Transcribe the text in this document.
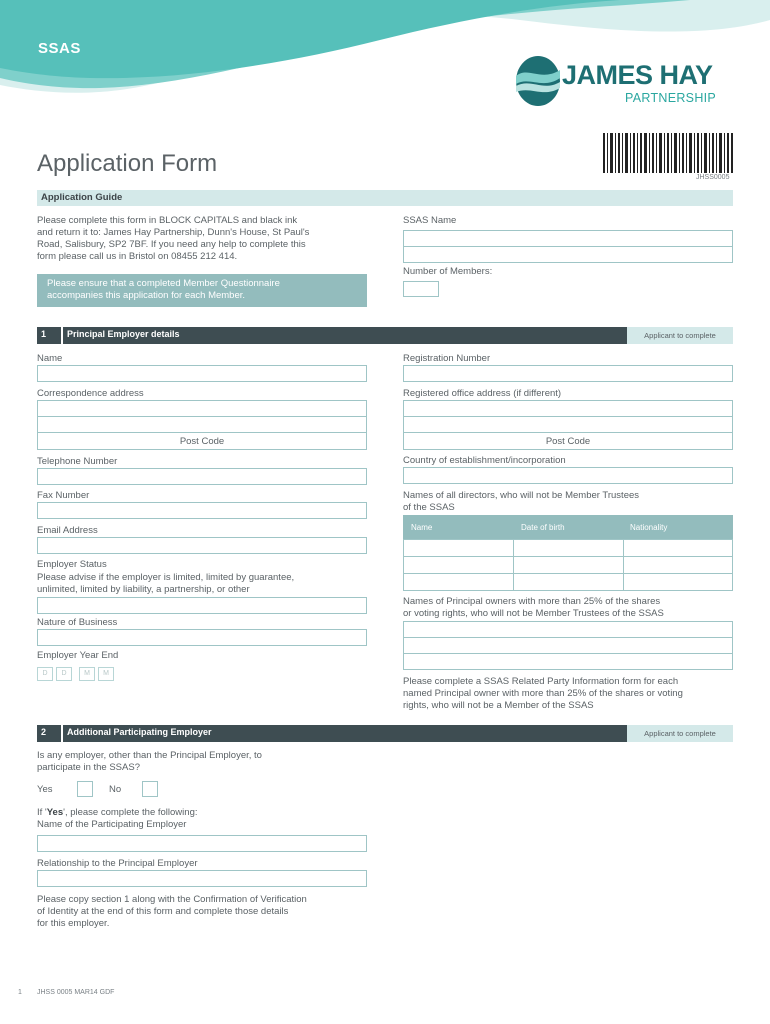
SSAS
JAMES HAY
PARTNERSHIP
JHSS0005
Application Form
Application Guide
Please complete this form in BLOCK CAPITALS and black ink
and return it to: James Hay Partnership, Dunn's House, St Paul's
Road, Salisbury, SP2 7BF. If you need any help to complete this
form please call us in Bristol on 08455 212 414.
Please ensure that a completed Member Questionnaire
accompanies this application for each Member.
SSAS Name
Number of Members:
1 Principal Employer details	Applicant to complete
Name
Correspondence address
Post Code
Telephone Number
Fax Number
Email Address
Employer Status
Please advise if the employer is limited, limited by guarantee,
unlimited, limited by liability, a partnership, or other
Nature of Business
Employer Year End
D	D	M	M
Registration Number
Registered office address (if different)
Post Code
Country of establishment/incorporation
Names of all directors, who will not be Member Trustees
of the SSAS
Name	Date of birth	Nationality
Names of Principal owners with more than 25% of the shares
or voting rights, who will not be Member Trustees of the SSAS
Please complete a SSAS Related Party Information form for each
named Principal owner with more than 25% of the shares or voting
rights, who will not be a Member of the SSAS
2 Additional Participating Employer	Applicant to complete
Is any employer, other than the Principal Employer, to
participate in the SSAS?
Yes	No
If 'Yes', please complete the following:
Name of the Participating Employer
Relationship to the Principal Employer
Please copy section 1 along with the Confirmation of Verification
of Identity at the end of this form and complete those details
for this employer.
1 JHSS 0005 MAR14 GDF
